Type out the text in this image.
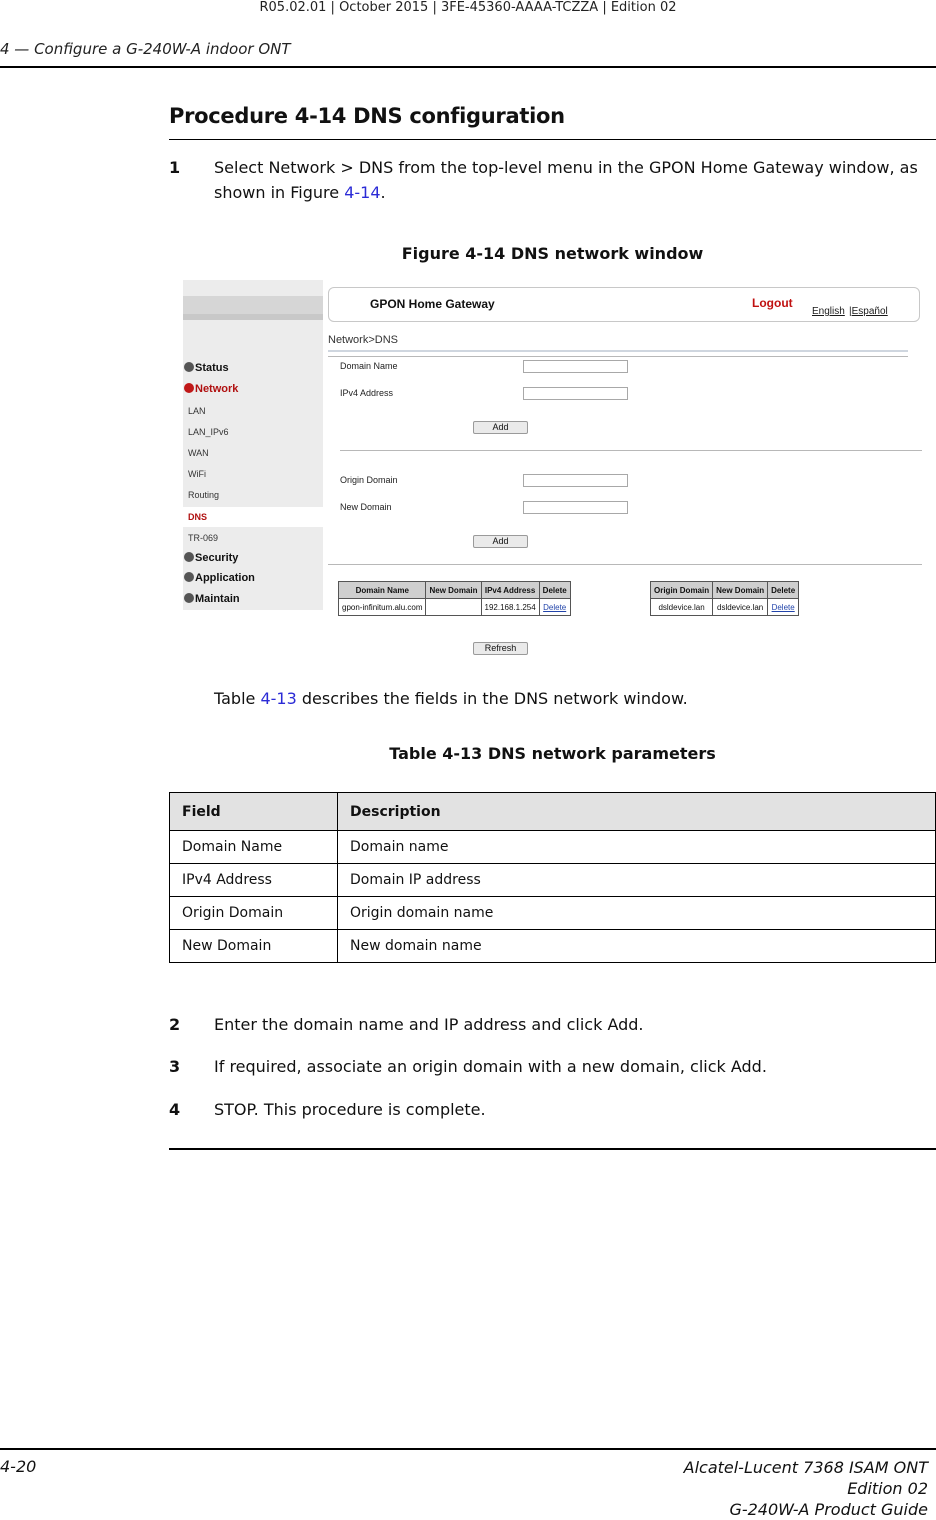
R05.02.01 | October 2015 | 3FE-45360-AAAA-TCZZA | Edition 02
4 — Configure a G-240W-A indoor ONT
Procedure 4-14 DNS configuration
1 Select Network > DNS from the top-level menu in the GPON Home Gateway window, as shown in Figure 4-14.
Figure 4-14 DNS network window
Status
Network
LAN
LAN_IPv6
WAN
WiFi
Routing
DNS
TR-069
Security
Application
Maintain
GPON Home Gateway	Logout
English |Español
Network>DNS
Domain Name
IPv4 Address
Add
Origin Domain
New Domain
Add
Domain Name	New Domain	IPv4 Address	Delete
gpon-infinitum.alu.com		192.168.1.254	Delete
Origin Domain	New Domain	Delete
dsldevice.lan	dsldevice.lan	Delete
Refresh
Table 4-13 describes the fields in the DNS network window.
Table 4-13 DNS network parameters
Field	Description
Domain Name	Domain name
IPv4 Address	Domain IP address
Origin Domain	Origin domain name
New Domain	New domain name
2 Enter the domain name and IP address and click Add.
3 If required, associate an origin domain with a new domain, click Add.
4 STOP. This procedure is complete.
4-20	Alcatel-Lucent 7368 ISAM ONT
Edition 02
G-240W-A Product Guide
